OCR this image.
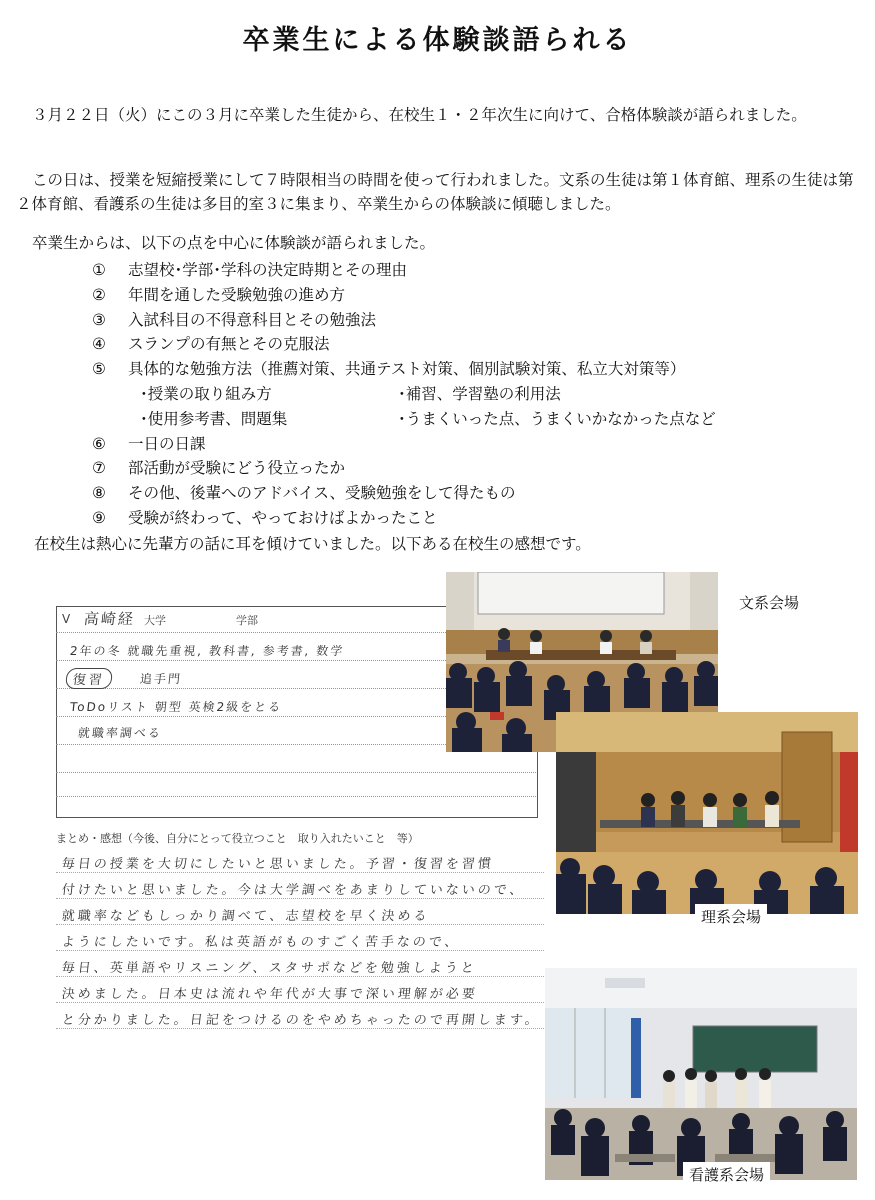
卒業生による体験談語られる
３月２２日（火）にこの３月に卒業した生徒から、在校生１・２年次生に向けて、合格体験談が語られました。
この日は、授業を短縮授業にして７時限相当の時間を使って行われました。文系の生徒は第１体育館、理系の生徒は第２体育館、看護系の生徒は多目的室３に集まり、卒業生からの体験談に傾聴しました。
卒業生からは、以下の点を中心に体験談が語られました。
① 志望校･学部･学科の決定時期とその理由
② 年間を通した受験勉強の進め方
③ 入試科目の不得意科目とその勉強法
④ スランプの有無とその克服法
⑤ 具体的な勉強方法（推薦対策、共通テスト対策、個別試験対策、私立大対策等）
･授業の取り組み方	･補習、学習塾の利用法
･使用参考書、問題集	･うまくいった点、うまくいかなかった点など
⑥ 一日の日課
⑦ 部活動が受験にどう役立ったか
⑧ その他、後輩へのアドバイス、受験勉強をして得たもの
⑨ 受験が終わって、やっておけばよかったこと
在校生は熱心に先輩方の話に耳を傾けていました。以下ある在校生の感想です。
V 高崎経 大学	学部
2年の冬 就職先重視, 教科書, 参考書, 数学
復習	追手門
ToDoリスト 朝型 英検2級をとる
就職率調べる
まとめ・感想（今後、自分にとって役立つこと　取り入れたいこと　等）
毎日の授業を大切にしたいと思いました。予習・復習を習慣
付けたいと思いました。今は大学調べをあまりしていないので、
就職率などもしっかり調べて、志望校を早く決める
ようにしたいです。私は英語がものすごく苦手なので、
毎日、英単語やリスニング、スタサポなどを勉強しようと
決めました。日本史は流れや年代が大事で深い理解が必要
と分かりました。日記をつけるのをやめちゃったので再開します。
文系会場
理系会場
看護系会場
